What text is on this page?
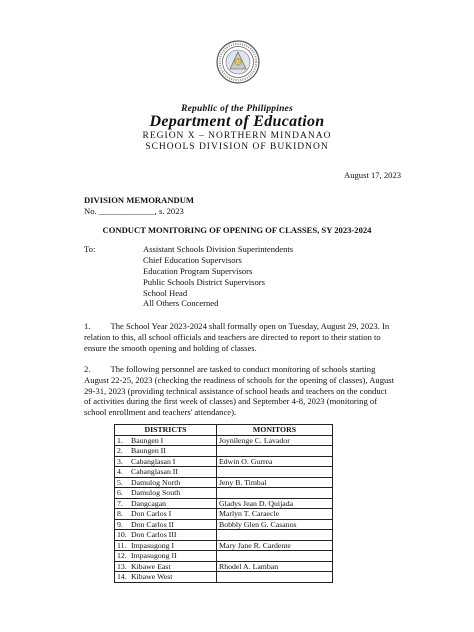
Republic of the Philippines
Department of Education
REGION X – NORTHERN MINDANAO
SCHOOLS DIVISION OF BUKIDNON
August 17, 2023
DIVISION MEMORANDUM
No. _____________, s. 2023
CONDUCT MONITORING OF OPENING OF CLASSES, SY 2023-2024
To:	Assistant Schools Division Superintendents
Chief Education Supervisors
Education Program Supervisors
Public Schools District Supervisors
School Head
All Others Concerned
1. The School Year 2023-2024 shall formally open on Tuesday, August 29, 2023. In
relation to this, all school officials and teachers are directed to report to their station to
ensure the smooth opening and holding of classes.
2. The following personnel are tasked to conduct monitoring of schools starting
August 22-25, 2023 (checking the readiness of schools for the opening of classes), August
29-31, 2023 (providing technical assistance of school heads and teachers on the conduct
of activities during the first week of classes) and September 4-8, 2023 (monitoring of
school enrollment and teachers' attendance).
DISTRICTS	MONITORS
1. Baungen I	Joynilenge C. Lavador
2. Baungen II	
3. Cabanglasan I	Edwin O. Gurrea
4. Cabanglasan II	
5. Damulog North	Jeny B. Timbal
6. Damulog South	
7. Dangcagan	Gladys Jean D. Quijada
8. Don Carlos I	Marlyn T. Caraecle
9. Don Carlos II	Bobbly Glen G. Casanos
10. Don Carlos III	
11. Impasugong I	Mary Jane R. Cardente
12. Impasugong II	
13. Kibawe East	Rhodel A. Lamban
14. Kibawe West	
